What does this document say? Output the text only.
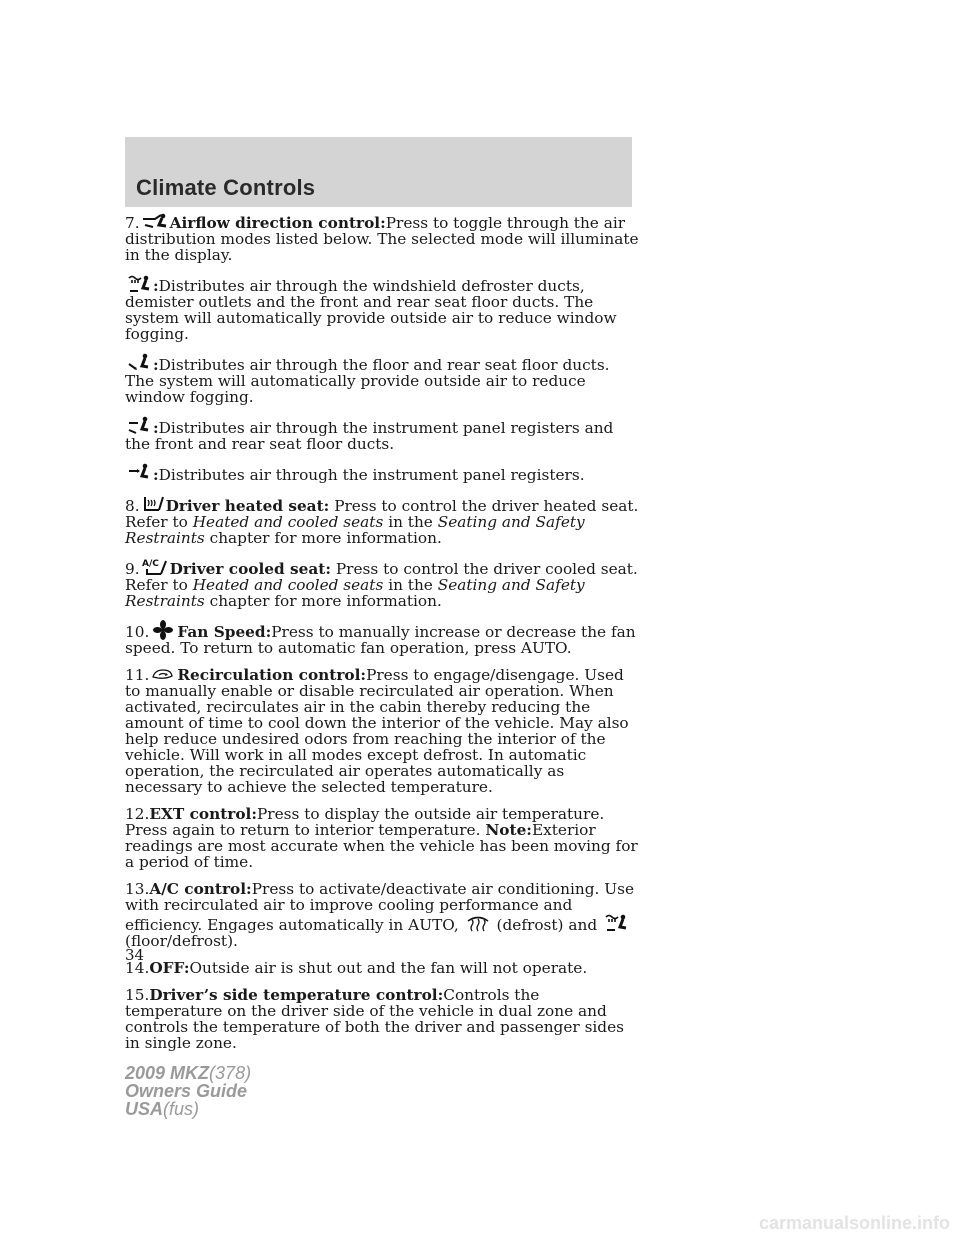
Climate Controls

7. Airflow direction control:Press to toggle through the air distribution modes listed below. The selected mode will illuminate in the display.

:Distributes air through the windshield defroster ducts, demister outlets and the front and rear seat floor ducts. The system will automatically provide outside air to reduce window fogging.

:Distributes air through the floor and rear seat floor ducts. The system will automatically provide outside air to reduce window fogging.

:Distributes air through the instrument panel registers and the front and rear seat floor ducts.

:Distributes air through the instrument panel registers.

8. Driver heated seat: Press to control the driver heated seat. Refer to Heated and cooled seats in the Seating and Safety Restraints chapter for more information.

9. A/C Driver cooled seat: Press to control the driver cooled seat. Refer to Heated and cooled seats in the Seating and Safety Restraints chapter for more information.

10. Fan Speed:Press to manually increase or decrease the fan speed. To return to automatic fan operation, press AUTO.

11. Recirculation control:Press to engage/disengage. Used to manually enable or disable recirculated air operation. When activated, recirculates air in the cabin thereby reducing the amount of time to cool down the interior of the vehicle. May also help reduce undesired odors from reaching the interior of the vehicle. Will work in all modes except defrost. In automatic operation, the recirculated air operates automatically as necessary to achieve the selected temperature.

12.EXT control:Press to display the outside air temperature. Press again to return to interior temperature. Note:Exterior readings are most accurate when the vehicle has been moving for a period of time.

13.A/C control:Press to activate/deactivate air conditioning. Use with recirculated air to improve cooling performance and efficiency. Engages automatically in AUTO, (defrost) and
(floor/defrost).

14.OFF:Outside air is shut out and the fan will not operate.

15.Driver’s side temperature control:Controls the temperature on the driver side of the vehicle in dual zone and controls the temperature of both the driver and passenger sides in single zone.

34
2009 MKZ(378)
Owners Guide
USA(fus)
carmanualsonline.info
